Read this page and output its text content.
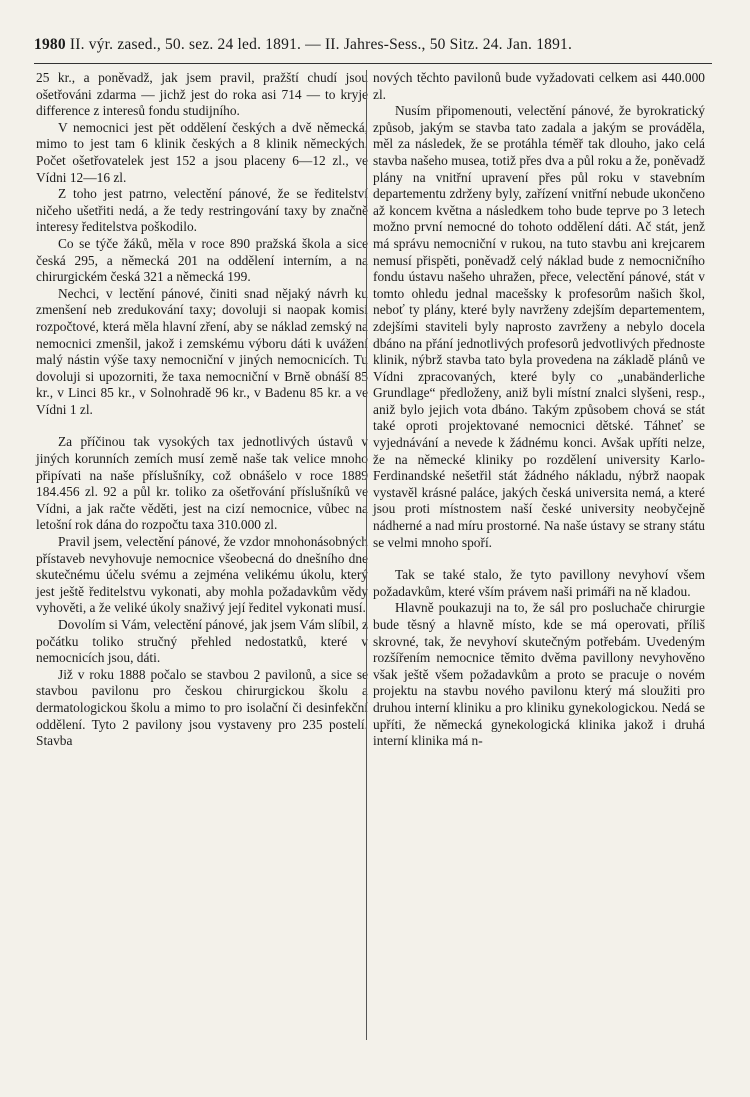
1980 II. výr. zased., 50. sez. 24 led. 1891. — II. Jahres-Sess., 50 Sitz. 24. Jan. 1891.

25 kr., a poněvadž, jak jsem pravil, pražští chudí jsou ošetřováni zdarma — jichž jest do roka asi 714 — to kryje difference z interesů fondu studijního.

V nemocnici jest pět oddělení českých a dvě německá, mimo to jest tam 6 klinik českých a 8 klinik německých. Počet ošetřovatelek jest 152 a jsou placeny 6—12 zl., ve Vídni 12—16 zl.

Z toho jest patrno, velectění pánové, že se ředitelství ničeho ušetřiti nedá, a že tedy restringování taxy by značně interesy ředitelstva poškodilo.

Co se týče žáků, měla v roce 890 pražská škola a sice česká 295, a německá 201 na oddělení interním, a na chirurgickém česká 321 a německá 199.

Nechci, v lectění pánové, činiti snad nějaký návrh ku zmenšení neb zredukování taxy; dovoluji si naopak komisi rozpočtové, která měla hlavní zření, aby se náklad zemský na nemocnici zmenšil, jakož i zemskému výboru dáti k uvážení malý nástin výše taxy nemocniční v jiných nemocnicích. Tu dovoluji si upozorniti, že taxa nemocniční v Brně obnáší 85 kr., v Linci 85 kr., v Solnohradě 96 kr., v Badenu 85 kr. a ve Vídni 1 zl.

Za příčinou tak vysokých tax jednotlivých ústavů v jiných korunních zemích musí země naše tak velice mnoho připívati na naše příslušníky, což obnášelo v roce 1889 184.456 zl. 92 a půl kr. toliko za ošetřování příslušníků ve Vídni, a jak račte věděti, jest na cizí nemocnice, vůbec na letošní rok dána do rozpočtu taxa 310.000 zl.

Pravil jsem, velectění pánové, že vzdor mnohonásobných přístaveb nevyhovuje nemocnice všeobecná do dnešního dne skutečnému účelu svému a zejména velikému úkolu, který jest ještě ředitelstvu vykonati, aby mohla požadavkům vědy vyhověti, a že veliké úkoly snaživý její ředitel vykonati musí.

Dovolím si Vám, velectění pánové, jak jsem Vám slíbil, z počátku toliko stručný přehled nedostatků, které v nemocnicích jsou, dáti.

Již v roku 1888 počalo se stavbou 2 pavilonů, a sice se stavbou pavilonu pro českou chirurgickou školu a dermatologickou školu a mimo to pro isolační či desinfekční oddělení. Tyto 2 pavilony jsou vystaveny pro 235 postelí. Stavba

nových těchto pavilonů bude vyžadovati celkem asi 440.000 zl.

Nusím připomenouti, velectění pánové, že byrokratický způsob, jakým se stavba tato zadala a jakým se prováděla, měl za následek, že se protáhla téměř tak dlouho, jako celá stavba našeho musea, totiž přes dva a půl roku a že, poněvadž plány na vnitřní upravení přes půl roku v stavebním departementu zdrženy byly, zařízení vnitřní nebude ukončeno až koncem května a následkem toho bude teprve po 3 letech možno první nemocné do tohoto oddělení dáti. Ač stát, jenž má správu nemocniční v rukou, na tuto stavbu ani krejcarem nemusí přispěti, poněvadž celý náklad bude z nemocničního fondu ústavu našeho uhražen, přece, velectění pánové, stát v tomto ohledu jednal macešsky k profesorům našich škol, neboť ty plány, které byly navrženy zdejším departementem, zdejšími staviteli byly naprosto zavrženy a nebylo docela dbáno na přání jednotlivých profesorů jedvotlivých přednoste klinik, nýbrž stavba tato byla provedena na základě plánů ve Vídni zpracovaných, které byly co „unabänderliche Grundlage“ předloženy, aniž byli místní znalci slyšeni, resp., aniž bylo jejich vota dbáno. Takým způsobem chová se stát také oproti projektované nemocnici dětské. Táhneť se vyjednávání a nevede k žádnému konci. Avšak upříti nelze, že na německé kliniky po rozdělení university Karlo-Ferdinandské nešetřil stát žádného nákladu, nýbrž naopak vystavěl krásné paláce, jakých česká universita nemá, a které jsou proti místnostem naší české university neobyčejně nádherné a nad míru prostorné. Na naše ústavy se strany státu se velmi mnoho spoří.

Tak se také stalo, že tyto pavillony nevyhoví všem požadavkům, které vším právem naši primáři na ně kladou.

Hlavně poukazuji na to, že sál pro posluchače chirurgie bude těsný a hlavně místo, kde se má operovati, příliš skrovné, tak, že nevyhoví skutečným potřebám. Uvedeným rozšířením nemocnice těmito dvěma pavillony nevyhověno však ještě všem požadavkům a proto se pracuje o novém projektu na stavbu nového pavilonu který má sloužiti pro druhou interní kliniku a pro kliniku gynekologickou. Nedá se upříti, že německá gynekologická klinika jakož i druhá interní klinika má n-
